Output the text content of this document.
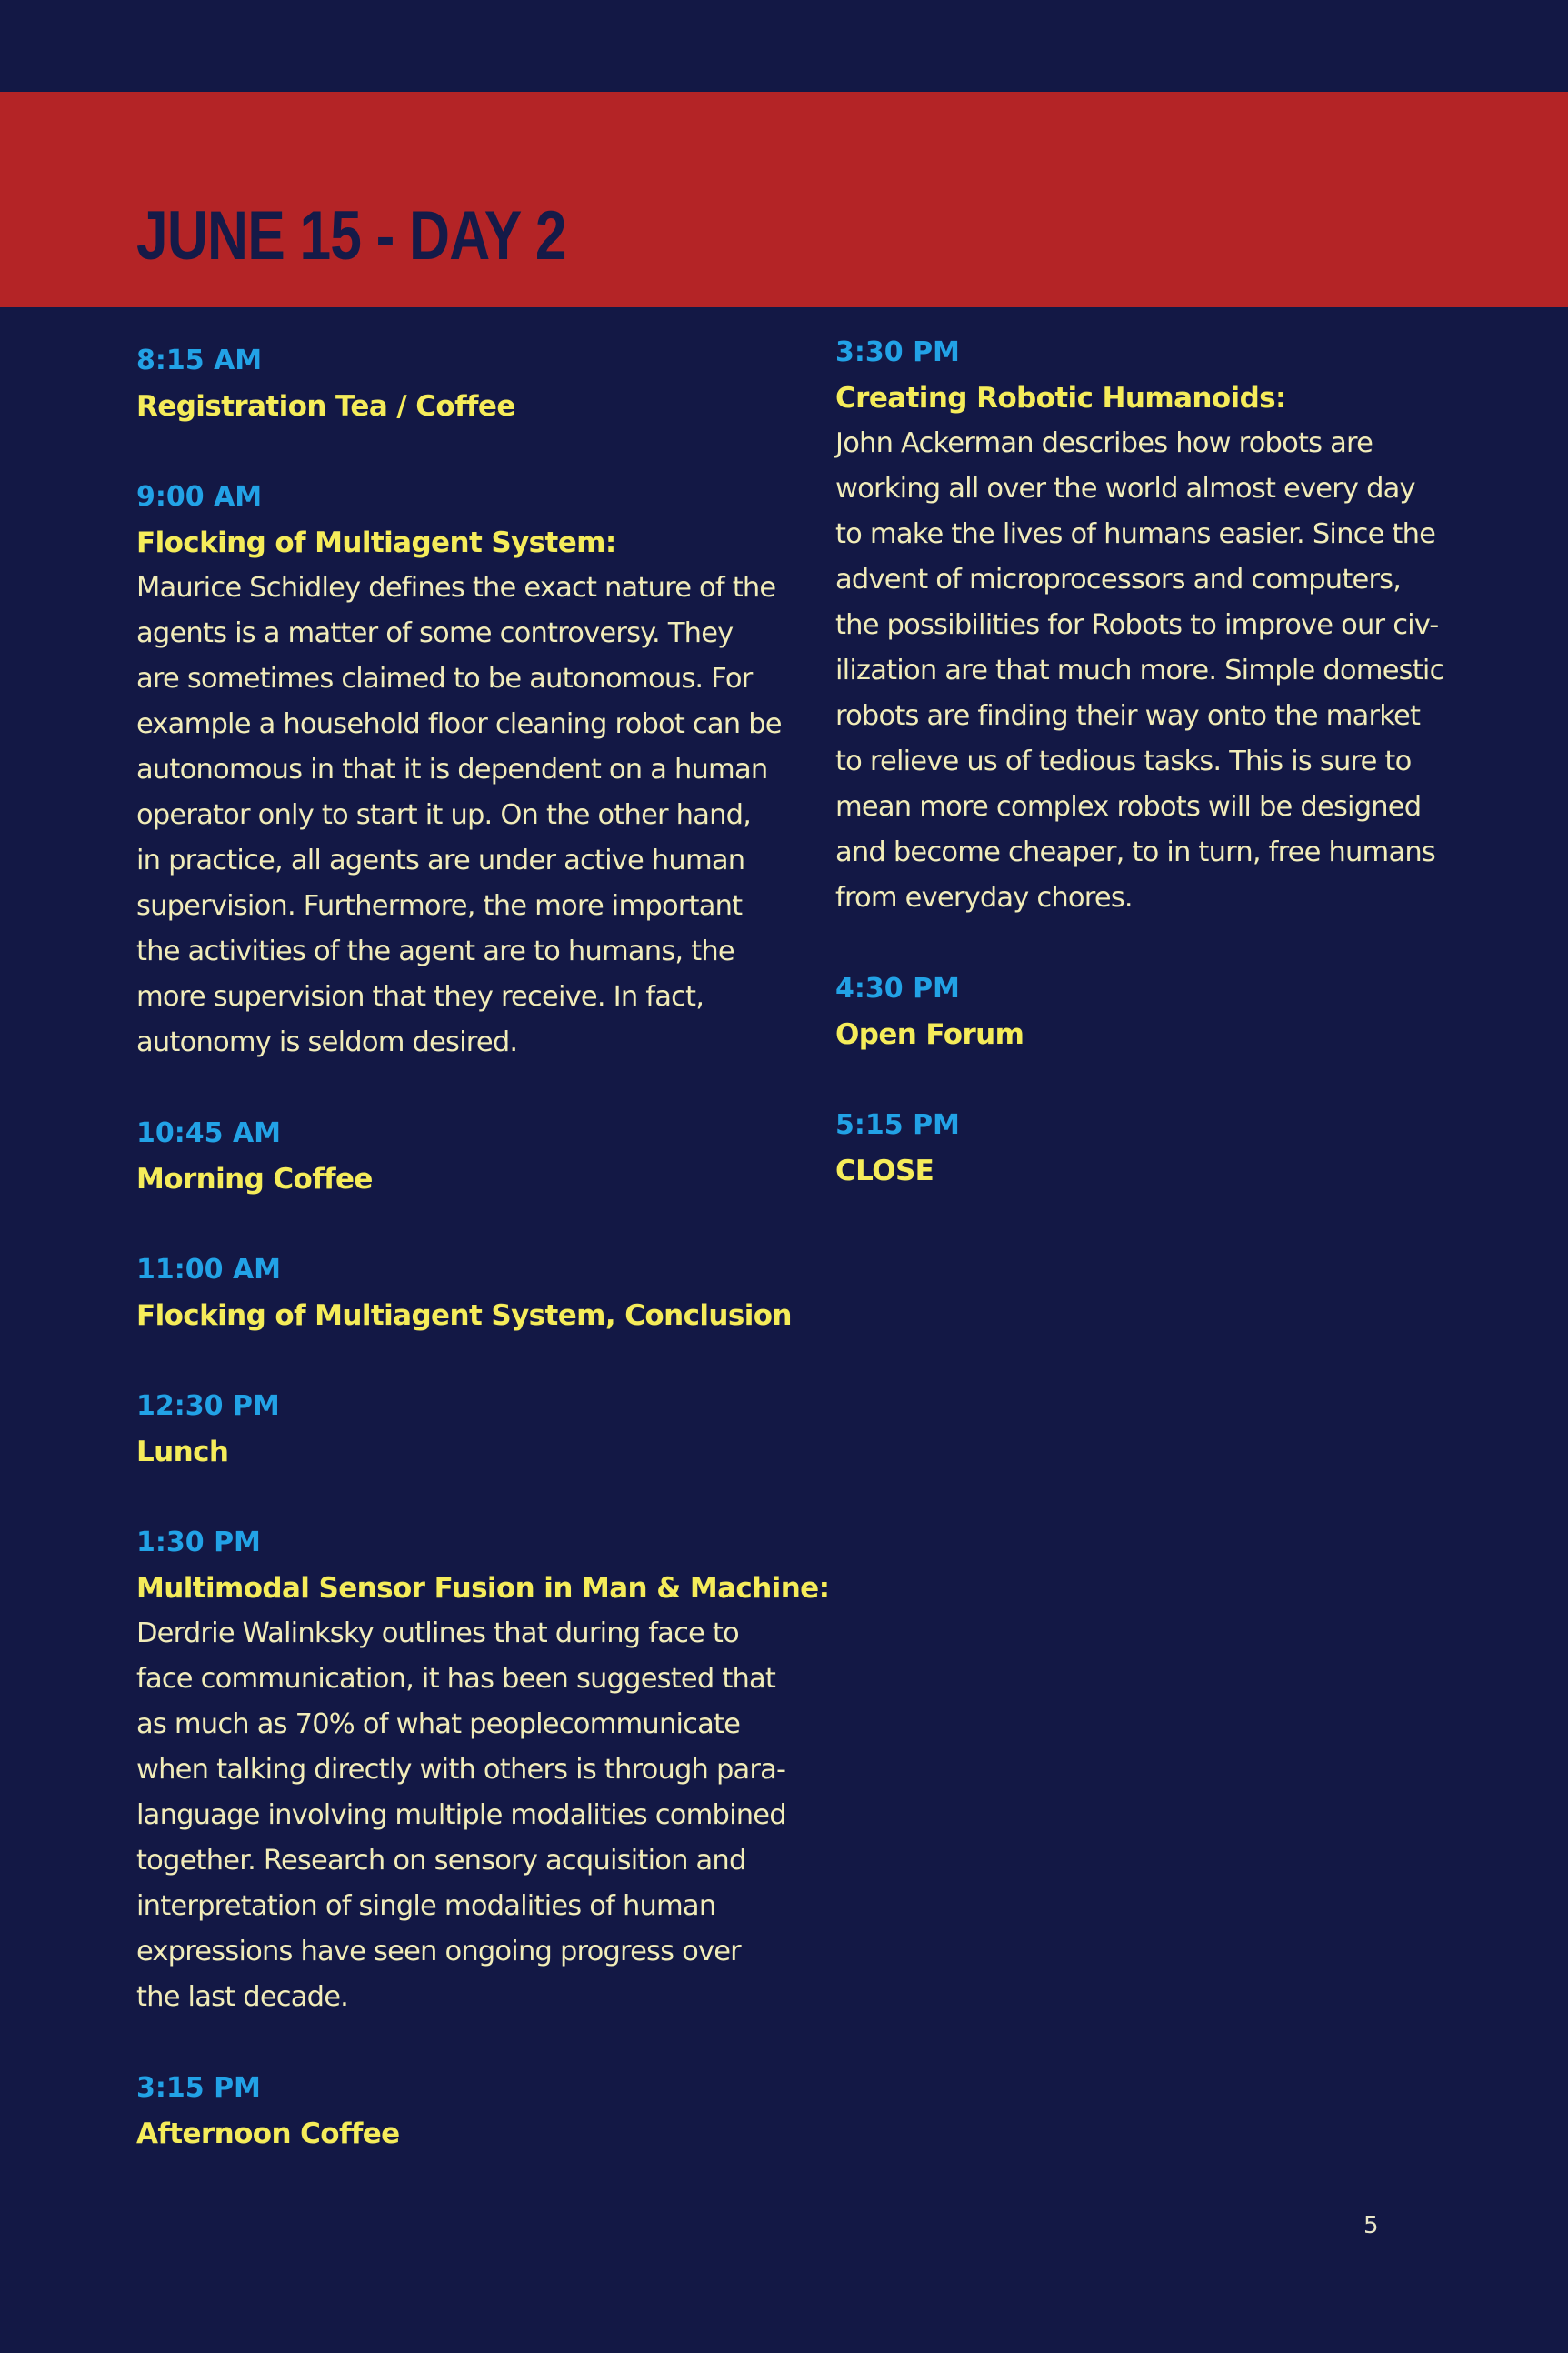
JUNE 15 - DAY 2
8:15 AM
Registration Tea / Coffee
9:00 AM
Flocking of Multiagent System:
Maurice Schidley defines the exact nature of the
agents is a matter of some controversy. They
are sometimes claimed to be autonomous. For
example a household floor cleaning robot can be
autonomous in that it is dependent on a human
operator only to start it up. On the other hand,
in practice, all agents are under active human
supervision. Furthermore, the more important
the activities of the agent are to humans, the
more supervision that they receive. In fact,
autonomy is seldom desired.
10:45 AM
Morning Coffee
11:00 AM
Flocking of Multiagent System, Conclusion
12:30 PM
Lunch
1:30 PM
Multimodal Sensor Fusion in Man & Machine:
Derdrie Walinksky outlines that during face to
face communication, it has been suggested that
as much as 70% of what peoplecommunicate
when talking directly with others is through para-
language involving multiple modalities combined
together. Research on sensory acquisition and
interpretation of single modalities of human
expressions have seen ongoing progress over
the last decade.
3:15 PM
Afternoon Coffee
3:30 PM
Creating Robotic Humanoids:
John Ackerman describes how robots are
working all over the world almost every day
to make the lives of humans easier. Since the
advent of microprocessors and computers,
the possibilities for Robots to improve our civ-
ilization are that much more. Simple domestic
robots are finding their way onto the market
to relieve us of tedious tasks. This is sure to
mean more complex robots will be designed
and become cheaper, to in turn, free humans
from everyday chores.
4:30 PM
Open Forum
5:15 PM
CLOSE
5
